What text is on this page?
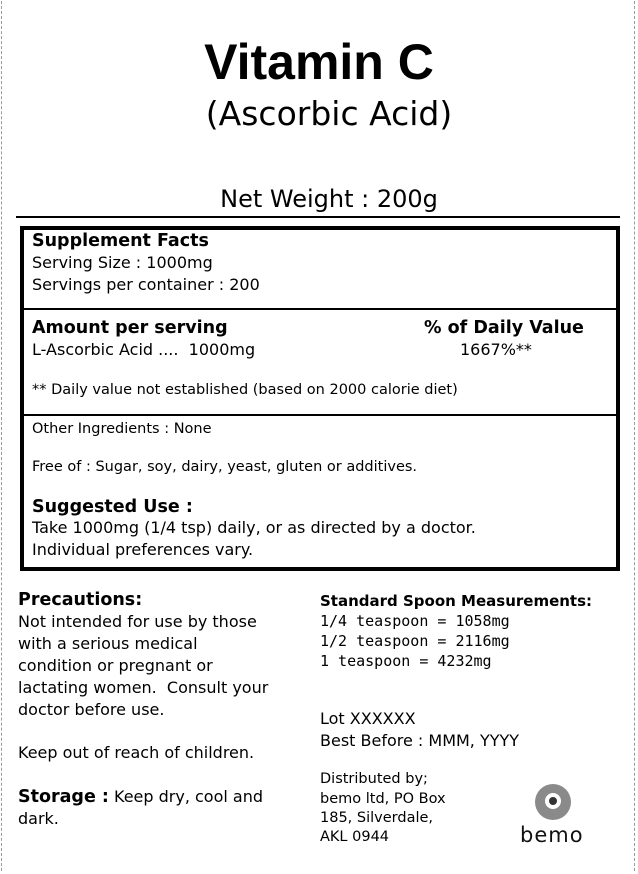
Vitamin C
(Ascorbic Acid)
Net Weight : 200g
Supplement Facts
Serving Size : 1000mg
Servings per container : 200
Amount per serving	% of Daily Value
L-Ascorbic Acid ....  1000mg	1667%**
** Daily value not established (based on 2000 calorie diet)
Other Ingredients : None
Free of : Sugar, soy, dairy, yeast, gluten or additives.
Suggested Use :
Take 1000mg (1/4 tsp) daily, or as directed by a doctor.
Individual preferences vary.
Precautions:
Not intended for use by those
with a serious medical
condition or pregnant or
lactating women.  Consult your
doctor before use.
Keep out of reach of children.
Storage : Keep dry, cool and
dark.
Standard Spoon Measurements:
1/4 teaspoon = 1058mg
1/2 teaspoon = 2116mg
1 teaspoon = 4232mg
Lot XXXXXX
Best Before : MMM, YYYY
Distributed by;
bemo ltd, PO Box
185, Silverdale,
AKL 0944	bemo
